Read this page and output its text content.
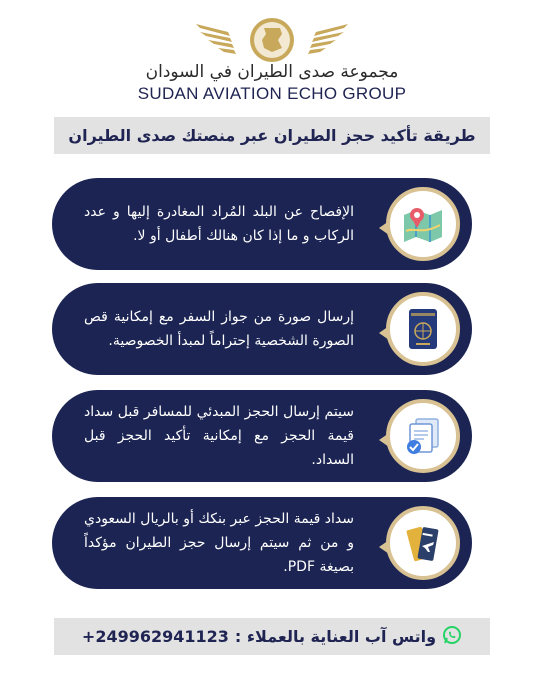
مجموعة صدى الطيران في السودان
SUDAN AVIATION ECHO GROUP
طريقة تأكيد حجز الطيران عبر منصتك صدى الطيران
الإفصاح عن البلد المُراد المغادرة إليها و عدد الركاب و ما إذا كان هنالك أطفال أو لا.
إرسال صورة من جواز السفر مع إمكانية قص الصورة الشخصية إحتراماً لمبدأ الخصوصية.
سيتم إرسال الحجز المبدئي للمسافر قبل سداد قيمة الحجز مع إمكانية تأكيد الحجز قبل السداد.
سداد قيمة الحجز عبر بنكك أو بالريال السعودي و من ثم سيتم إرسال حجز الطيران مؤكداً بصيغة PDF.
واتس آب العناية بالعملاء :
+249962941123
